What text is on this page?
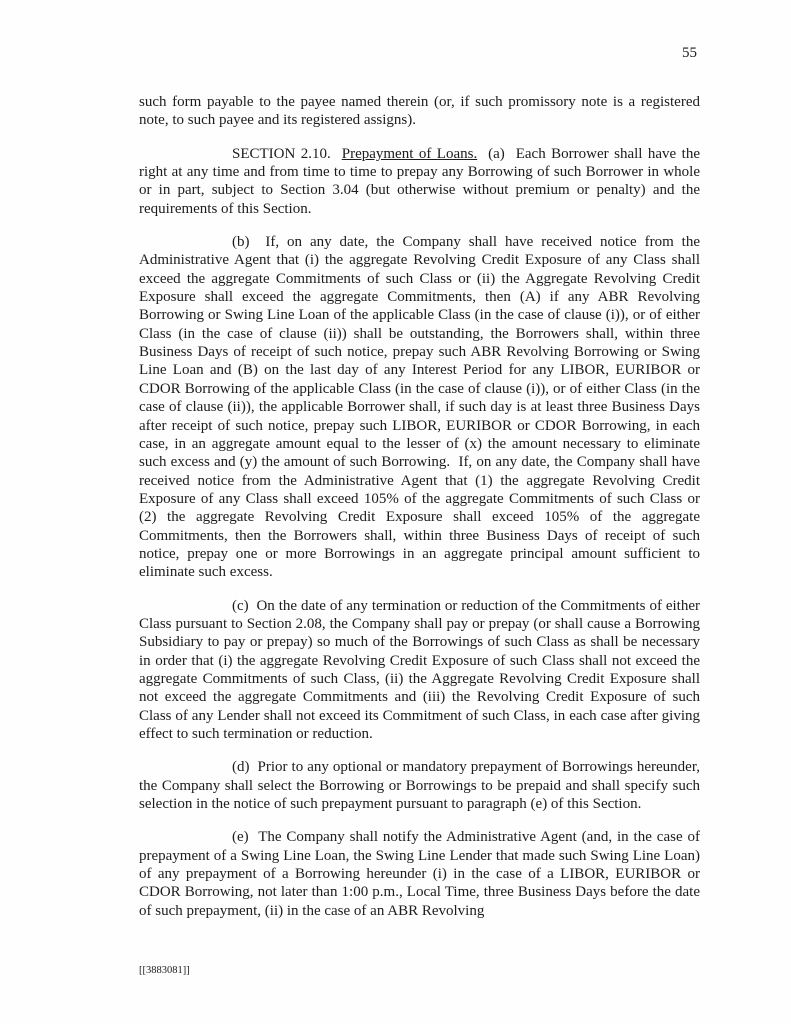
55

such form payable to the payee named therein (or, if such promissory note is a registered note, to such payee and its registered assigns).

SECTION 2.10.  Prepayment of Loans.  (a)  Each Borrower shall have the right at any time and from time to time to prepay any Borrowing of such Borrower in whole or in part, subject to Section 3.04 (but otherwise without premium or penalty) and the requirements of this Section.

(b)  If, on any date, the Company shall have received notice from the Administrative Agent that (i) the aggregate Revolving Credit Exposure of any Class shall exceed the aggregate Commitments of such Class or (ii) the Aggregate Revolving Credit Exposure shall exceed the aggregate Commitments, then (A) if any ABR Revolving Borrowing or Swing Line Loan of the applicable Class (in the case of clause (i)), or of either Class (in the case of clause (ii)) shall be outstanding, the Borrowers shall, within three Business Days of receipt of such notice, prepay such ABR Revolving Borrowing or Swing Line Loan and (B) on the last day of any Interest Period for any LIBOR, EURIBOR or CDOR Borrowing of the applicable Class (in the case of clause (i)), or of either Class (in the case of clause (ii)), the applicable Borrower shall, if such day is at least three Business Days after receipt of such notice, prepay such LIBOR, EURIBOR or CDOR Borrowing, in each case, in an aggregate amount equal to the lesser of (x) the amount necessary to eliminate such excess and (y) the amount of such Borrowing.  If, on any date, the Company shall have received notice from the Administrative Agent that (1) the aggregate Revolving Credit Exposure of any Class shall exceed 105% of the aggregate Commitments of such Class or (2) the aggregate Revolving Credit Exposure shall exceed 105% of the aggregate Commitments, then the Borrowers shall, within three Business Days of receipt of such notice, prepay one or more Borrowings in an aggregate principal amount sufficient to eliminate such excess.

(c)  On the date of any termination or reduction of the Commitments of either Class pursuant to Section 2.08, the Company shall pay or prepay (or shall cause a Borrowing Subsidiary to pay or prepay) so much of the Borrowings of such Class as shall be necessary in order that (i) the aggregate Revolving Credit Exposure of such Class shall not exceed the aggregate Commitments of such Class, (ii) the Aggregate Revolving Credit Exposure shall not exceed the aggregate Commitments and (iii) the Revolving Credit Exposure of such Class of any Lender shall not exceed its Commitment of such Class, in each case after giving effect to such termination or reduction.

(d)  Prior to any optional or mandatory prepayment of Borrowings hereunder, the Company shall select the Borrowing or Borrowings to be prepaid and shall specify such selection in the notice of such prepayment pursuant to paragraph (e) of this Section.

(e)  The Company shall notify the Administrative Agent (and, in the case of prepayment of a Swing Line Loan, the Swing Line Lender that made such Swing Line Loan) of any prepayment of a Borrowing hereunder (i) in the case of a LIBOR, EURIBOR or CDOR Borrowing, not later than 1:00 p.m., Local Time, three Business Days before the date of such prepayment, (ii) in the case of an ABR Revolving

[[3883081]]
